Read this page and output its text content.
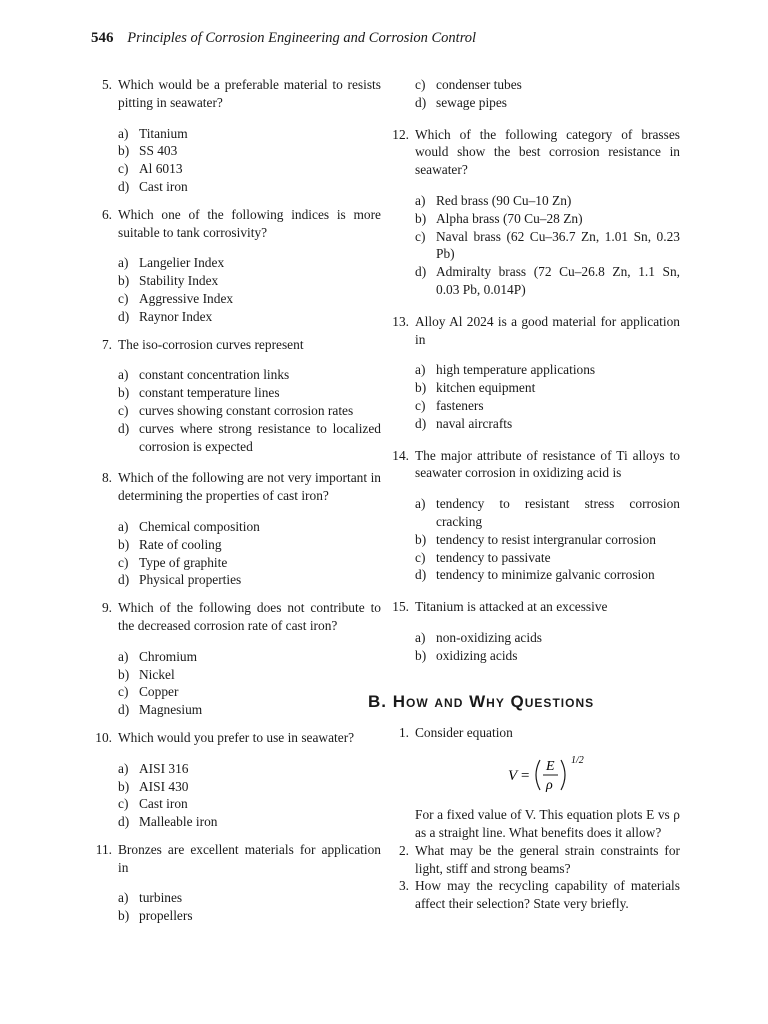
546 Principles of Corrosion Engineering and Corrosion Control
5. Which would be a preferable material to resists pitting in seawater?
a) Titanium
b) SS 403
c) Al 6013
d) Cast iron
6. Which one of the following indices is more suitable to tank corrosivity?
a) Langelier Index
b) Stability Index
c) Aggressive Index
d) Raynor Index
7. The iso-corrosion curves represent
a) constant concentration links
b) constant temperature lines
c) curves showing constant corrosion rates
d) curves where strong resistance to localized corrosion is expected
8. Which of the following are not very important in determining the properties of cast iron?
a) Chemical composition
b) Rate of cooling
c) Type of graphite
d) Physical properties
9. Which of the following does not contribute to the decreased corrosion rate of cast iron?
a) Chromium
b) Nickel
c) Copper
d) Magnesium
10. Which would you prefer to use in seawater?
a) AISI 316
b) AISI 430
c) Cast iron
d) Malleable iron
11. Bronzes are excellent materials for application in
a) turbines
b) propellers
c) condenser tubes
d) sewage pipes
12. Which of the following category of brasses would show the best corrosion resistance in seawater?
a) Red brass (90 Cu–10 Zn)
b) Alpha brass (70 Cu–28 Zn)
c) Naval brass (62 Cu–36.7 Zn, 1.01 Sn, 0.23 Pb)
d) Admiralty brass (72 Cu–26.8 Zn, 1.1 Sn, 0.03 Pb, 0.014P)
13. Alloy Al 2024 is a good material for application in
a) high temperature applications
b) kitchen equipment
c) fasteners
d) naval aircrafts
14. The major attribute of resistance of Ti alloys to seawater corrosion in oxidizing acid is
a) tendency to resistant stress corrosion cracking
b) tendency to resist intergranular corrosion
c) tendency to passivate
d) tendency to minimize galvanic corrosion
15. Titanium is attacked at an excessive
a) non-oxidizing acids
b) oxidizing acids
B. How and Why Questions
1. Consider equation
V =
E
ρ
1/2
For a fixed value of V. This equation plots E vs ρ as a straight line. What benefits does it allow?
2. What may be the general strain constraints for light, stiff and strong beams?
3. How may the recycling capability of materials affect their selection? State very briefly.
